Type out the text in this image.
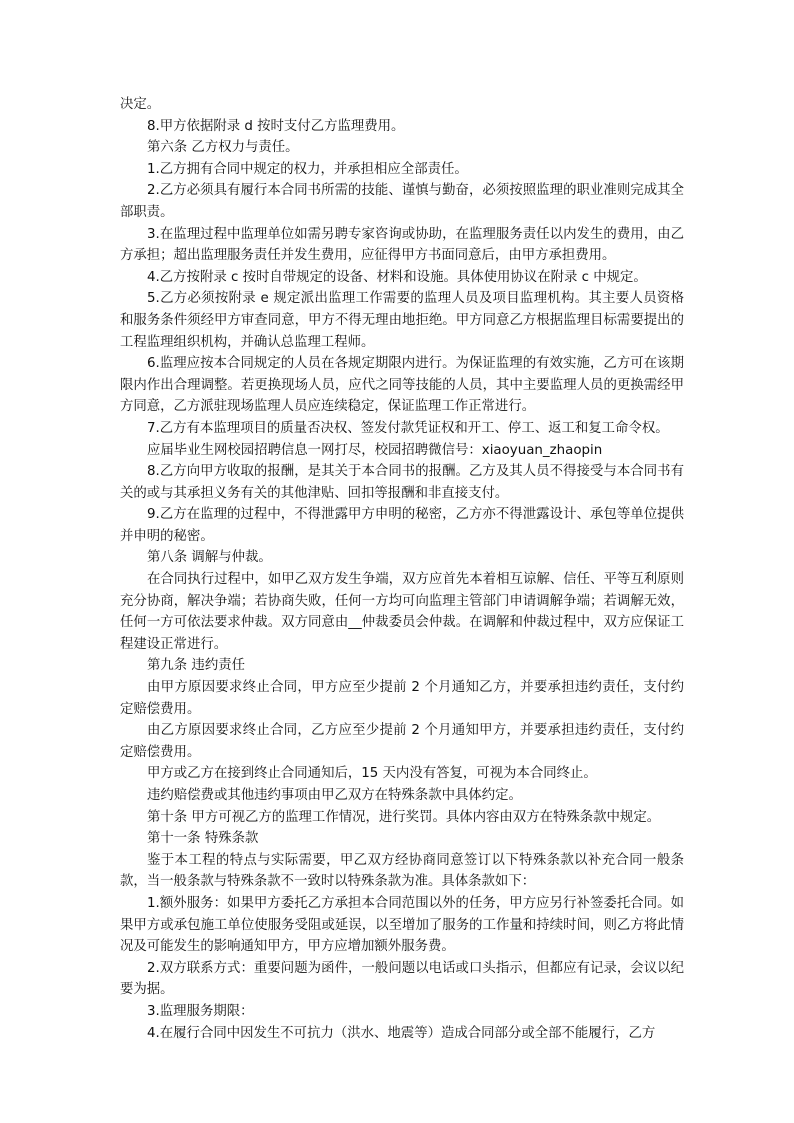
决定。

8.甲方依据附录 d 按时支付乙方监理费用。

第六条 乙方权力与责任。

1.乙方拥有合同中规定的权力，并承担相应全部责任。

2.乙方必须具有履行本合同书所需的技能、谨慎与勤奋，必须按照监理的职业准则完成其全部职责。

3.在监理过程中监理单位如需另聘专家咨询或协助，在监理服务责任以内发生的费用，由乙方承担；超出监理服务责任并发生费用，应征得甲方书面同意后，由甲方承担费用。

4.乙方按附录 c 按时自带规定的设备、材料和设施。具体使用协议在附录 c 中规定。

5.乙方必须按附录 e 规定派出监理工作需要的监理人员及项目监理机构。其主要人员资格和服务条件须经甲方审查同意，甲方不得无理由地拒绝。甲方同意乙方根据监理目标需要提出的工程监理组织机构，并确认总监理工程师。

6.监理应按本合同规定的人员在各规定期限内进行。为保证监理的有效实施，乙方可在该期限内作出合理调整。若更换现场人员，应代之同等技能的人员，其中主要监理人员的更换需经甲方同意，乙方派驻现场监理人员应连续稳定，保证监理工作正常进行。

7.乙方有本监理项目的质量否决权、签发付款凭证权和开工、停工、返工和复工命令权。

应届毕业生网校园招聘信息一网打尽，校园招聘微信号：xiaoyuan_zhaopin

8.乙方向甲方收取的报酬，是其关于本合同书的报酬。乙方及其人员不得接受与本合同书有关的或与其承担义务有关的其他津贴、回扣等报酬和非直接支付。

9.乙方在监理的过程中，不得泄露甲方申明的秘密，乙方亦不得泄露设计、承包等单位提供并申明的秘密。

第八条 调解与仲裁。

在合同执行过程中，如甲乙双方发生争端，双方应首先本着相互谅解、信任、平等互利原则充分协商，解决争端；若协商失败，任何一方均可向监理主管部门申请调解争端；若调解无效，任何一方可依法要求仲裁。双方同意由__仲裁委员会仲裁。在调解和仲裁过程中，双方应保证工程建设正常进行。

第九条 违约责任

由甲方原因要求终止合同，甲方应至少提前 2 个月通知乙方，并要承担违约责任，支付约定赔偿费用。

由乙方原因要求终止合同，乙方应至少提前 2 个月通知甲方，并要承担违约责任，支付约定赔偿费用。

甲方或乙方在接到终止合同通知后，15 天内没有答复，可视为本合同终止。

违约赔偿费或其他违约事项由甲乙双方在特殊条款中具体约定。

第十条 甲方可视乙方的监理工作情况，进行奖罚。具体内容由双方在特殊条款中规定。

第十一条 特殊条款

鉴于本工程的特点与实际需要，甲乙双方经协商同意签订以下特殊条款以补充合同一般条款，当一般条款与特殊条款不一致时以特殊条款为准。具体条款如下：

1.额外服务：如果甲方委托乙方承担本合同范围以外的任务，甲方应另行补签委托合同。如果甲方或承包施工单位使服务受阻或延误，以至增加了服务的工作量和持续时间，则乙方将此情况及可能发生的影响通知甲方，甲方应增加额外服务费。

2.双方联系方式：重要问题为函件，一般问题以电话或口头指示，但都应有记录，会议以纪要为据。

3.监理服务期限：

4.在履行合同中因发生不可抗力（洪水、地震等）造成合同部分或全部不能履行，乙方
